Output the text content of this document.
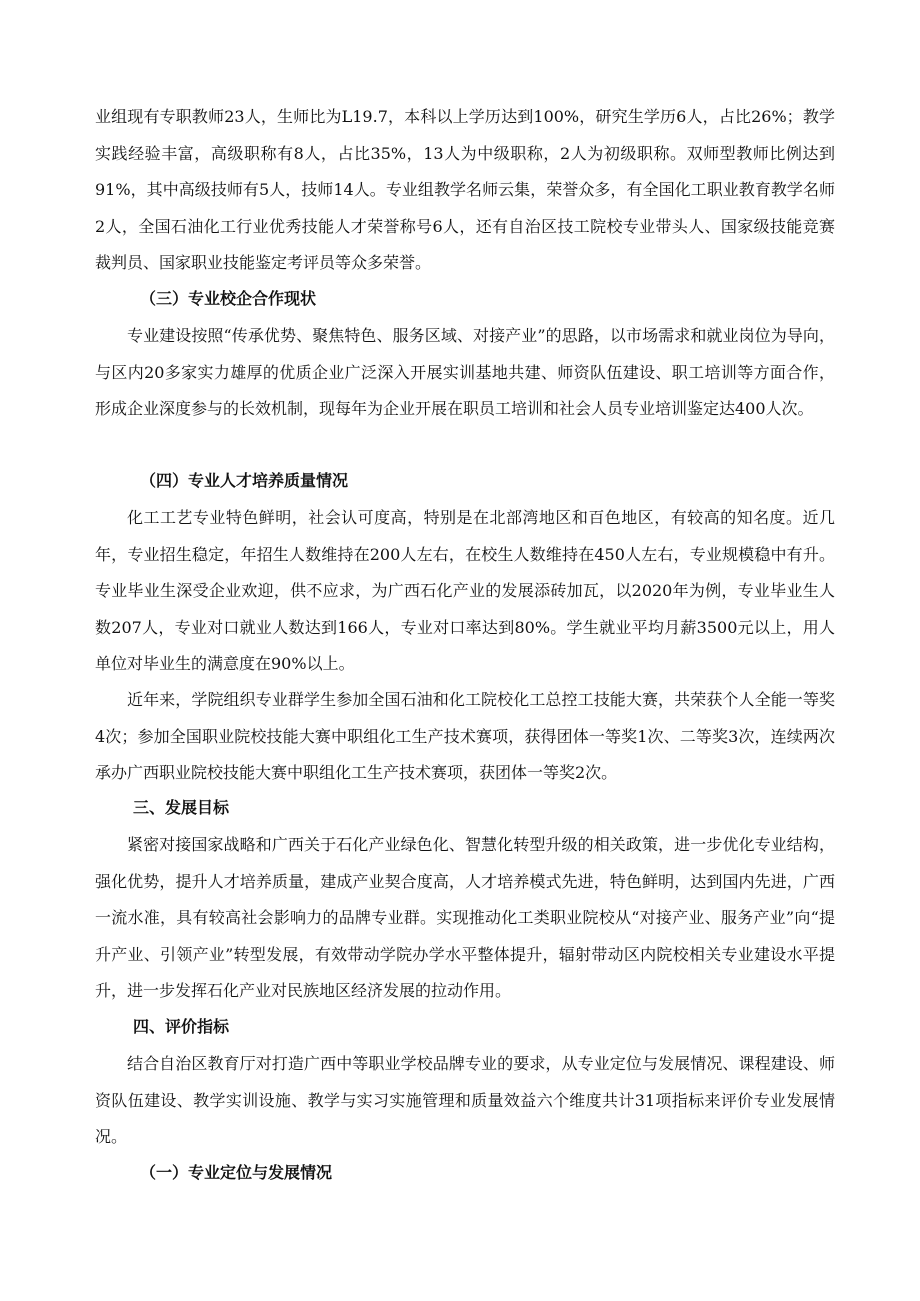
业组现有专职教师23人，生师比为L19.7，本科以上学历达到100%，研究生学历6人，占比26%；教学实践经验丰富，高级职称有8人，占比35%，13人为中级职称，2人为初级职称。双师型教师比例达到91%，其中高级技师有5人，技师14人。专业组教学名师云集，荣誉众多，有全国化工职业教育教学名师2人，全国石油化工行业优秀技能人才荣誉称号6人，还有自治区技工院校专业带头人、国家级技能竞赛裁判员、国家职业技能鉴定考评员等众多荣誉。

（三）专业校企合作现状

专业建设按照“传承优势、聚焦特色、服务区域、对接产业”的思路，以市场需求和就业岗位为导向，与区内20多家实力雄厚的优质企业广泛深入开展实训基地共建、师资队伍建设、职工培训等方面合作，形成企业深度参与的长效机制，现每年为企业开展在职员工培训和社会人员专业培训鉴定达400人次。

（四）专业人才培养质量情况

化工工艺专业特色鲜明，社会认可度高，特别是在北部湾地区和百色地区，有较高的知名度。近几年，专业招生稳定，年招生人数维持在200人左右，在校生人数维持在450人左右，专业规模稳中有升。专业毕业生深受企业欢迎，供不应求，为广西石化产业的发展添砖加瓦，以2020年为例，专业毕业生人数207人，专业对口就业人数达到166人，专业对口率达到80%。学生就业平均月薪3500元以上，用人单位对毕业生的满意度在90%以上。

近年来，学院组织专业群学生参加全国石油和化工院校化工总控工技能大赛，共荣获个人全能一等奖4次；参加全国职业院校技能大赛中职组化工生产技术赛项，获得团体一等奖1次、二等奖3次，连续两次承办广西职业院校技能大赛中职组化工生产技术赛项，获团体一等奖2次。

三、发展目标

紧密对接国家战略和广西关于石化产业绿色化、智慧化转型升级的相关政策，进一步优化专业结构，强化优势，提升人才培养质量，建成产业契合度高，人才培养模式先进，特色鲜明，达到国内先进，广西一流水准，具有较高社会影响力的品牌专业群。实现推动化工类职业院校从“对接产业、服务产业”向“提升产业、引领产业”转型发展，有效带动学院办学水平整体提升，辐射带动区内院校相关专业建设水平提升，进一步发挥石化产业对民族地区经济发展的拉动作用。

四、评价指标

结合自治区教育厅对打造广西中等职业学校品牌专业的要求，从专业定位与发展情况、课程建设、师资队伍建设、教学实训设施、教学与实习实施管理和质量效益六个维度共计31项指标来评价专业发展情况。

（一）专业定位与发展情况
